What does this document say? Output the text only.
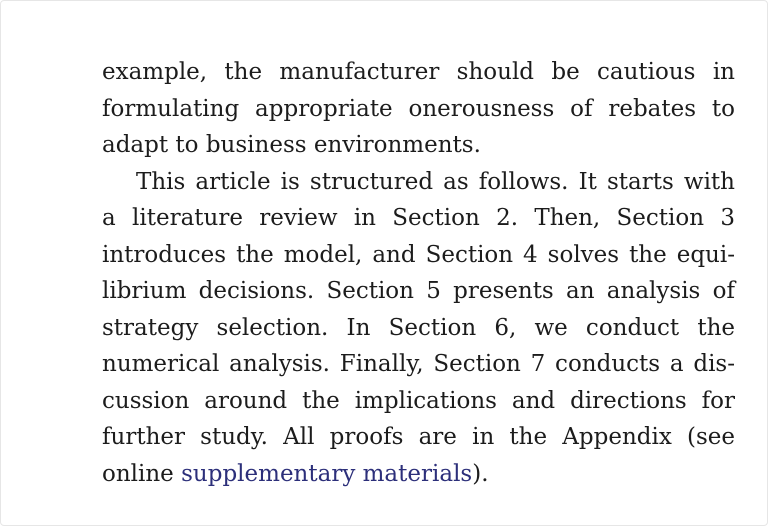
example, the manufacturer should be cautious in
formulating appropriate onerousness of rebates to
adapt to business environments.
This article is structured as follows. It starts with
a literature review in Section 2. Then, Section 3
introduces the model, and Section 4 solves the equi-
librium decisions. Section 5 presents an analysis of
strategy selection. In Section 6, we conduct the
numerical analysis. Finally, Section 7 conducts a dis-
cussion around the implications and directions for
further study. All proofs are in the Appendix (see
online supplementary materials).
